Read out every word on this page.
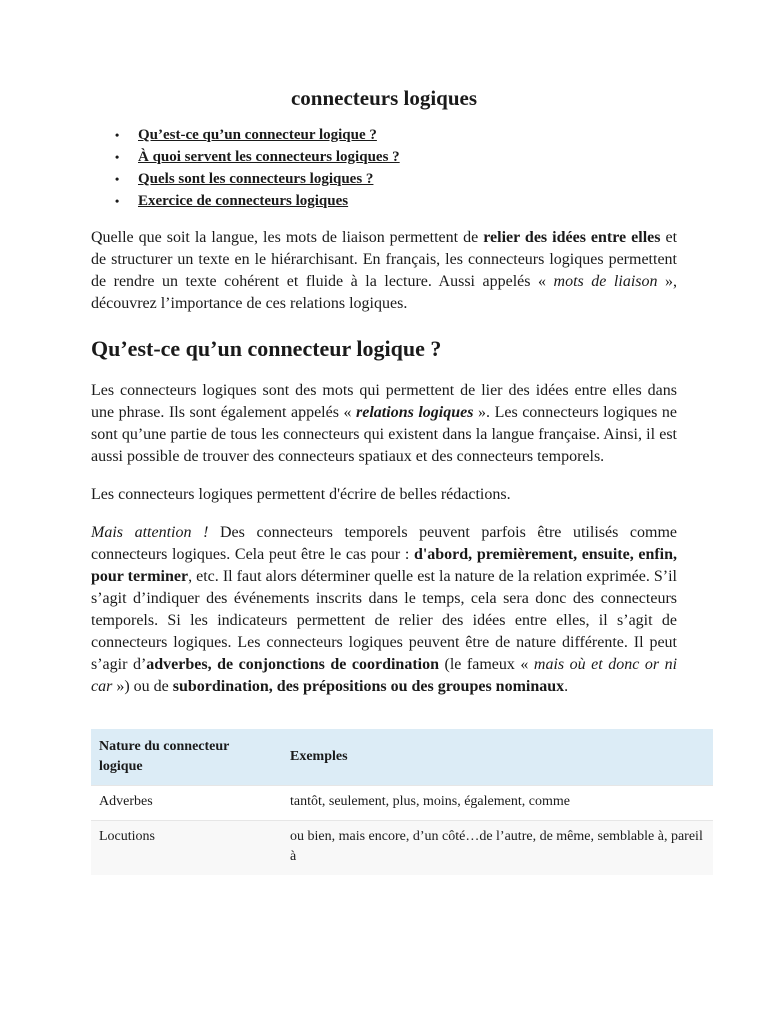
connecteurs logiques
• Qu’est-ce qu’un connecteur logique ?
• À quoi servent les connecteurs logiques ?
• Quels sont les connecteurs logiques ?
• Exercice de connecteurs logiques

Quelle que soit la langue, les mots de liaison permettent de relier des idées entre elles et de structurer un texte en le hiérarchisant. En français, les connecteurs logiques permettent de rendre un texte cohérent et fluide à la lecture. Aussi appelés « mots de liaison », découvrez l’importance de ces relations logiques.

Qu’est-ce qu’un connecteur logique ?

Les connecteurs logiques sont des mots qui permettent de lier des idées entre elles dans une phrase. Ils sont également appelés « relations logiques ». Les connecteurs logiques ne sont qu’une partie de tous les connecteurs qui existent dans la langue française. Ainsi, il est aussi possible de trouver des connecteurs spatiaux et des connecteurs temporels.

Les connecteurs logiques permettent d'écrire de belles rédactions.

Mais attention ! Des connecteurs temporels peuvent parfois être utilisés comme connecteurs logiques. Cela peut être le cas pour : d'abord, premièrement, ensuite, enfin, pour terminer, etc. Il faut alors déterminer quelle est la nature de la relation exprimée. S’il s’agit d’indiquer des événements inscrits dans le temps, cela sera donc des connecteurs temporels. Si les indicateurs permettent de relier des idées entre elles, il s’agit de connecteurs logiques. Les connecteurs logiques peuvent être de nature différente. Il peut s’agir d’adverbes, de conjonctions de coordination (le fameux « mais où et donc or ni car ») ou de subordination, des prépositions ou des groupes nominaux.

Nature du connecteur logique	Exemples
Adverbes	tantôt, seulement, plus, moins, également, comme
Locutions	ou bien, mais encore, d’un côté…de l’autre, de même, semblable à, pareil à
